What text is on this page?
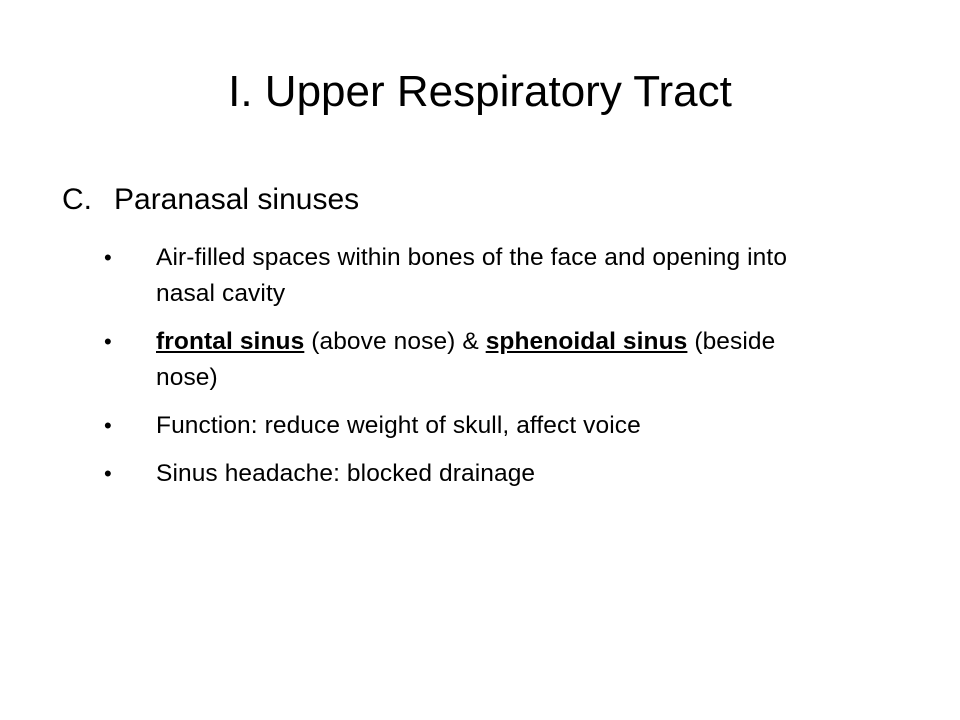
I. Upper Respiratory Tract
C. Paranasal sinuses
•	Air-filled spaces within bones of the face and opening into nasal cavity
•	frontal sinus (above nose) & sphenoidal sinus (beside nose)
•	Function: reduce weight of skull, affect voice
•	Sinus headache: blocked drainage
